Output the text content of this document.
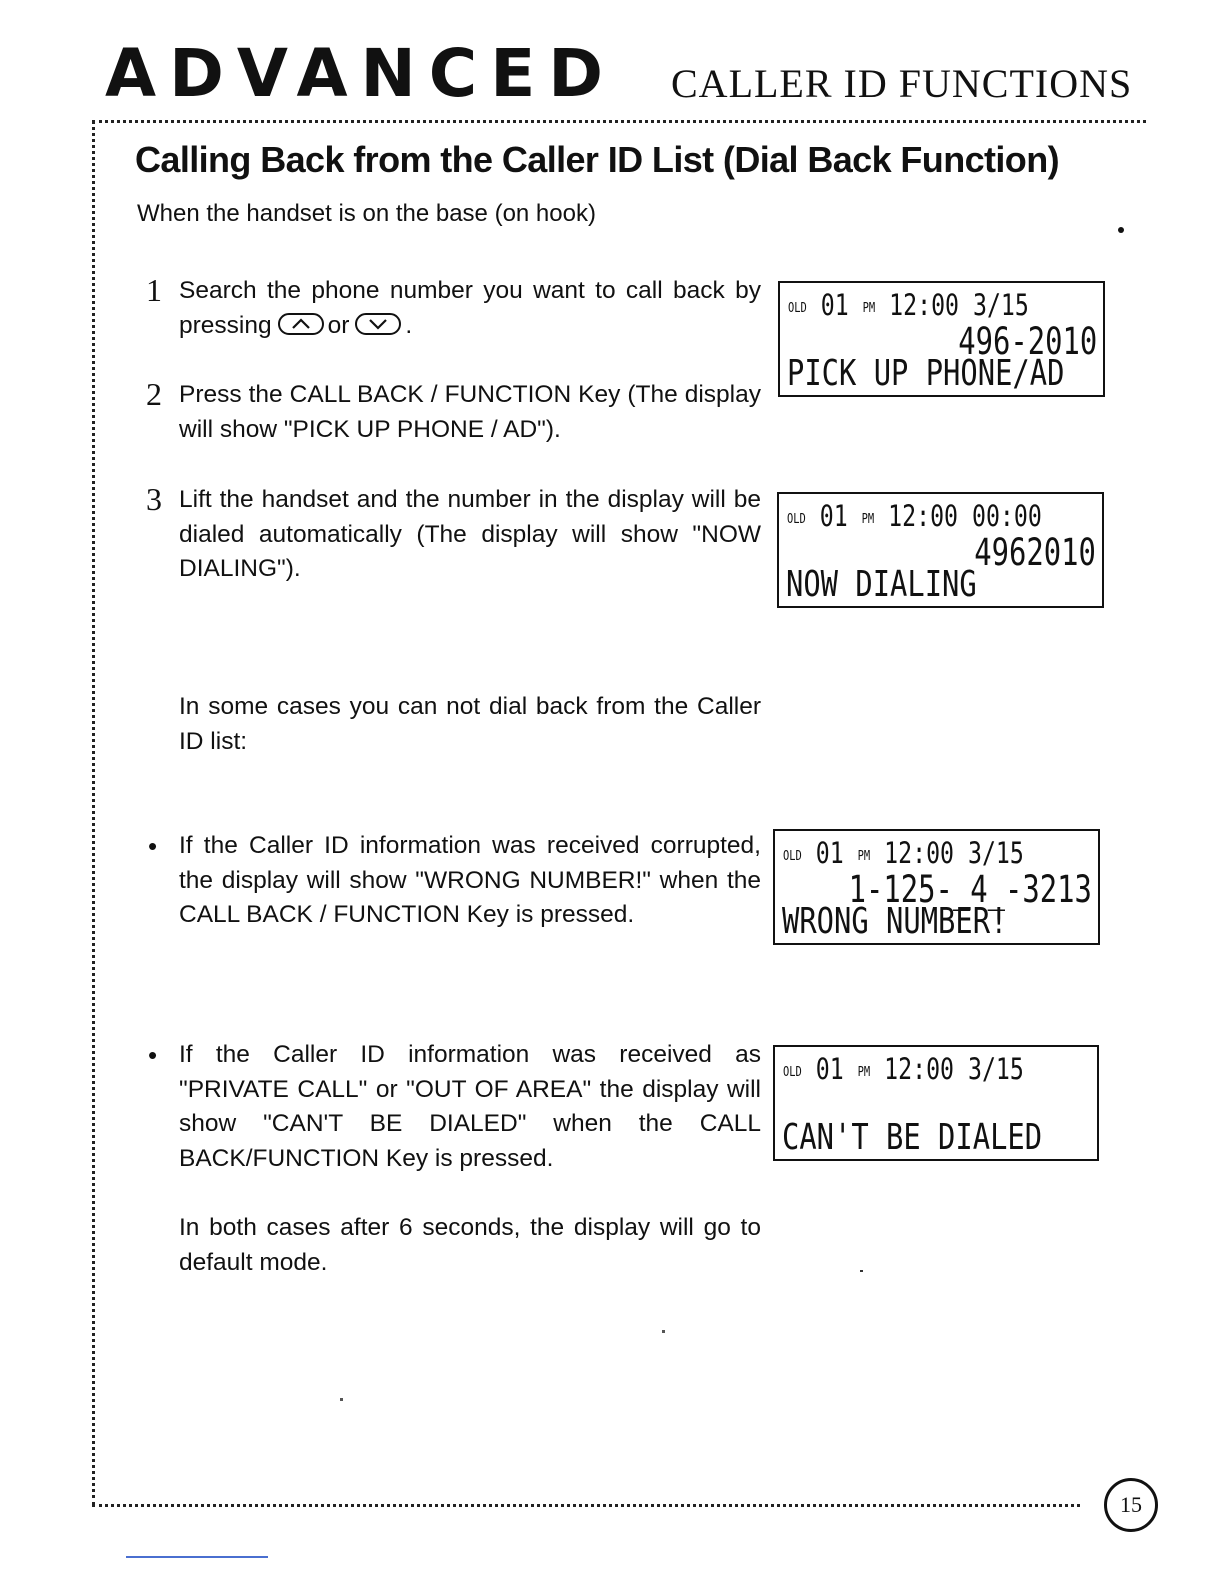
ADVANCED CALLER ID FUNCTIONS
Calling Back from the Caller ID List (Dial Back Function)
When the handset is on the base (on hook)
1 Search the phone number you want to call back by pressing or .
2 Press the CALL BACK / FUNCTION Key (The display will show "PICK UP PHONE / AD").
3 Lift the handset and the number in the display will be dialed automatically (The display will show "NOW DIALING").
In some cases you can not dial back from the Caller ID list:
• If the Caller ID information was received corrupted, the display will show "WRONG NUMBER!" when the CALL BACK / FUNCTION Key is pressed.
• If the Caller ID information was received as "PRIVATE CALL" or "OUT OF AREA" the display will show "CAN'T BE DIALED" when the CALL BACK/FUNCTION Key is pressed.
In both cases after 6 seconds, the display will go to default mode.
OLD 01 PM 12:00 3/15
496-2010
PICK UP PHONE/AD
OLD 01 PM 12:00 00:00
4962010
NOW DIALING
OLD 01 PM 12:00 3/15
1-125-_4_-3213
WRONG NUMBER!
OLD 01 PM 12:00 3/15
CAN'T BE DIALED
15
